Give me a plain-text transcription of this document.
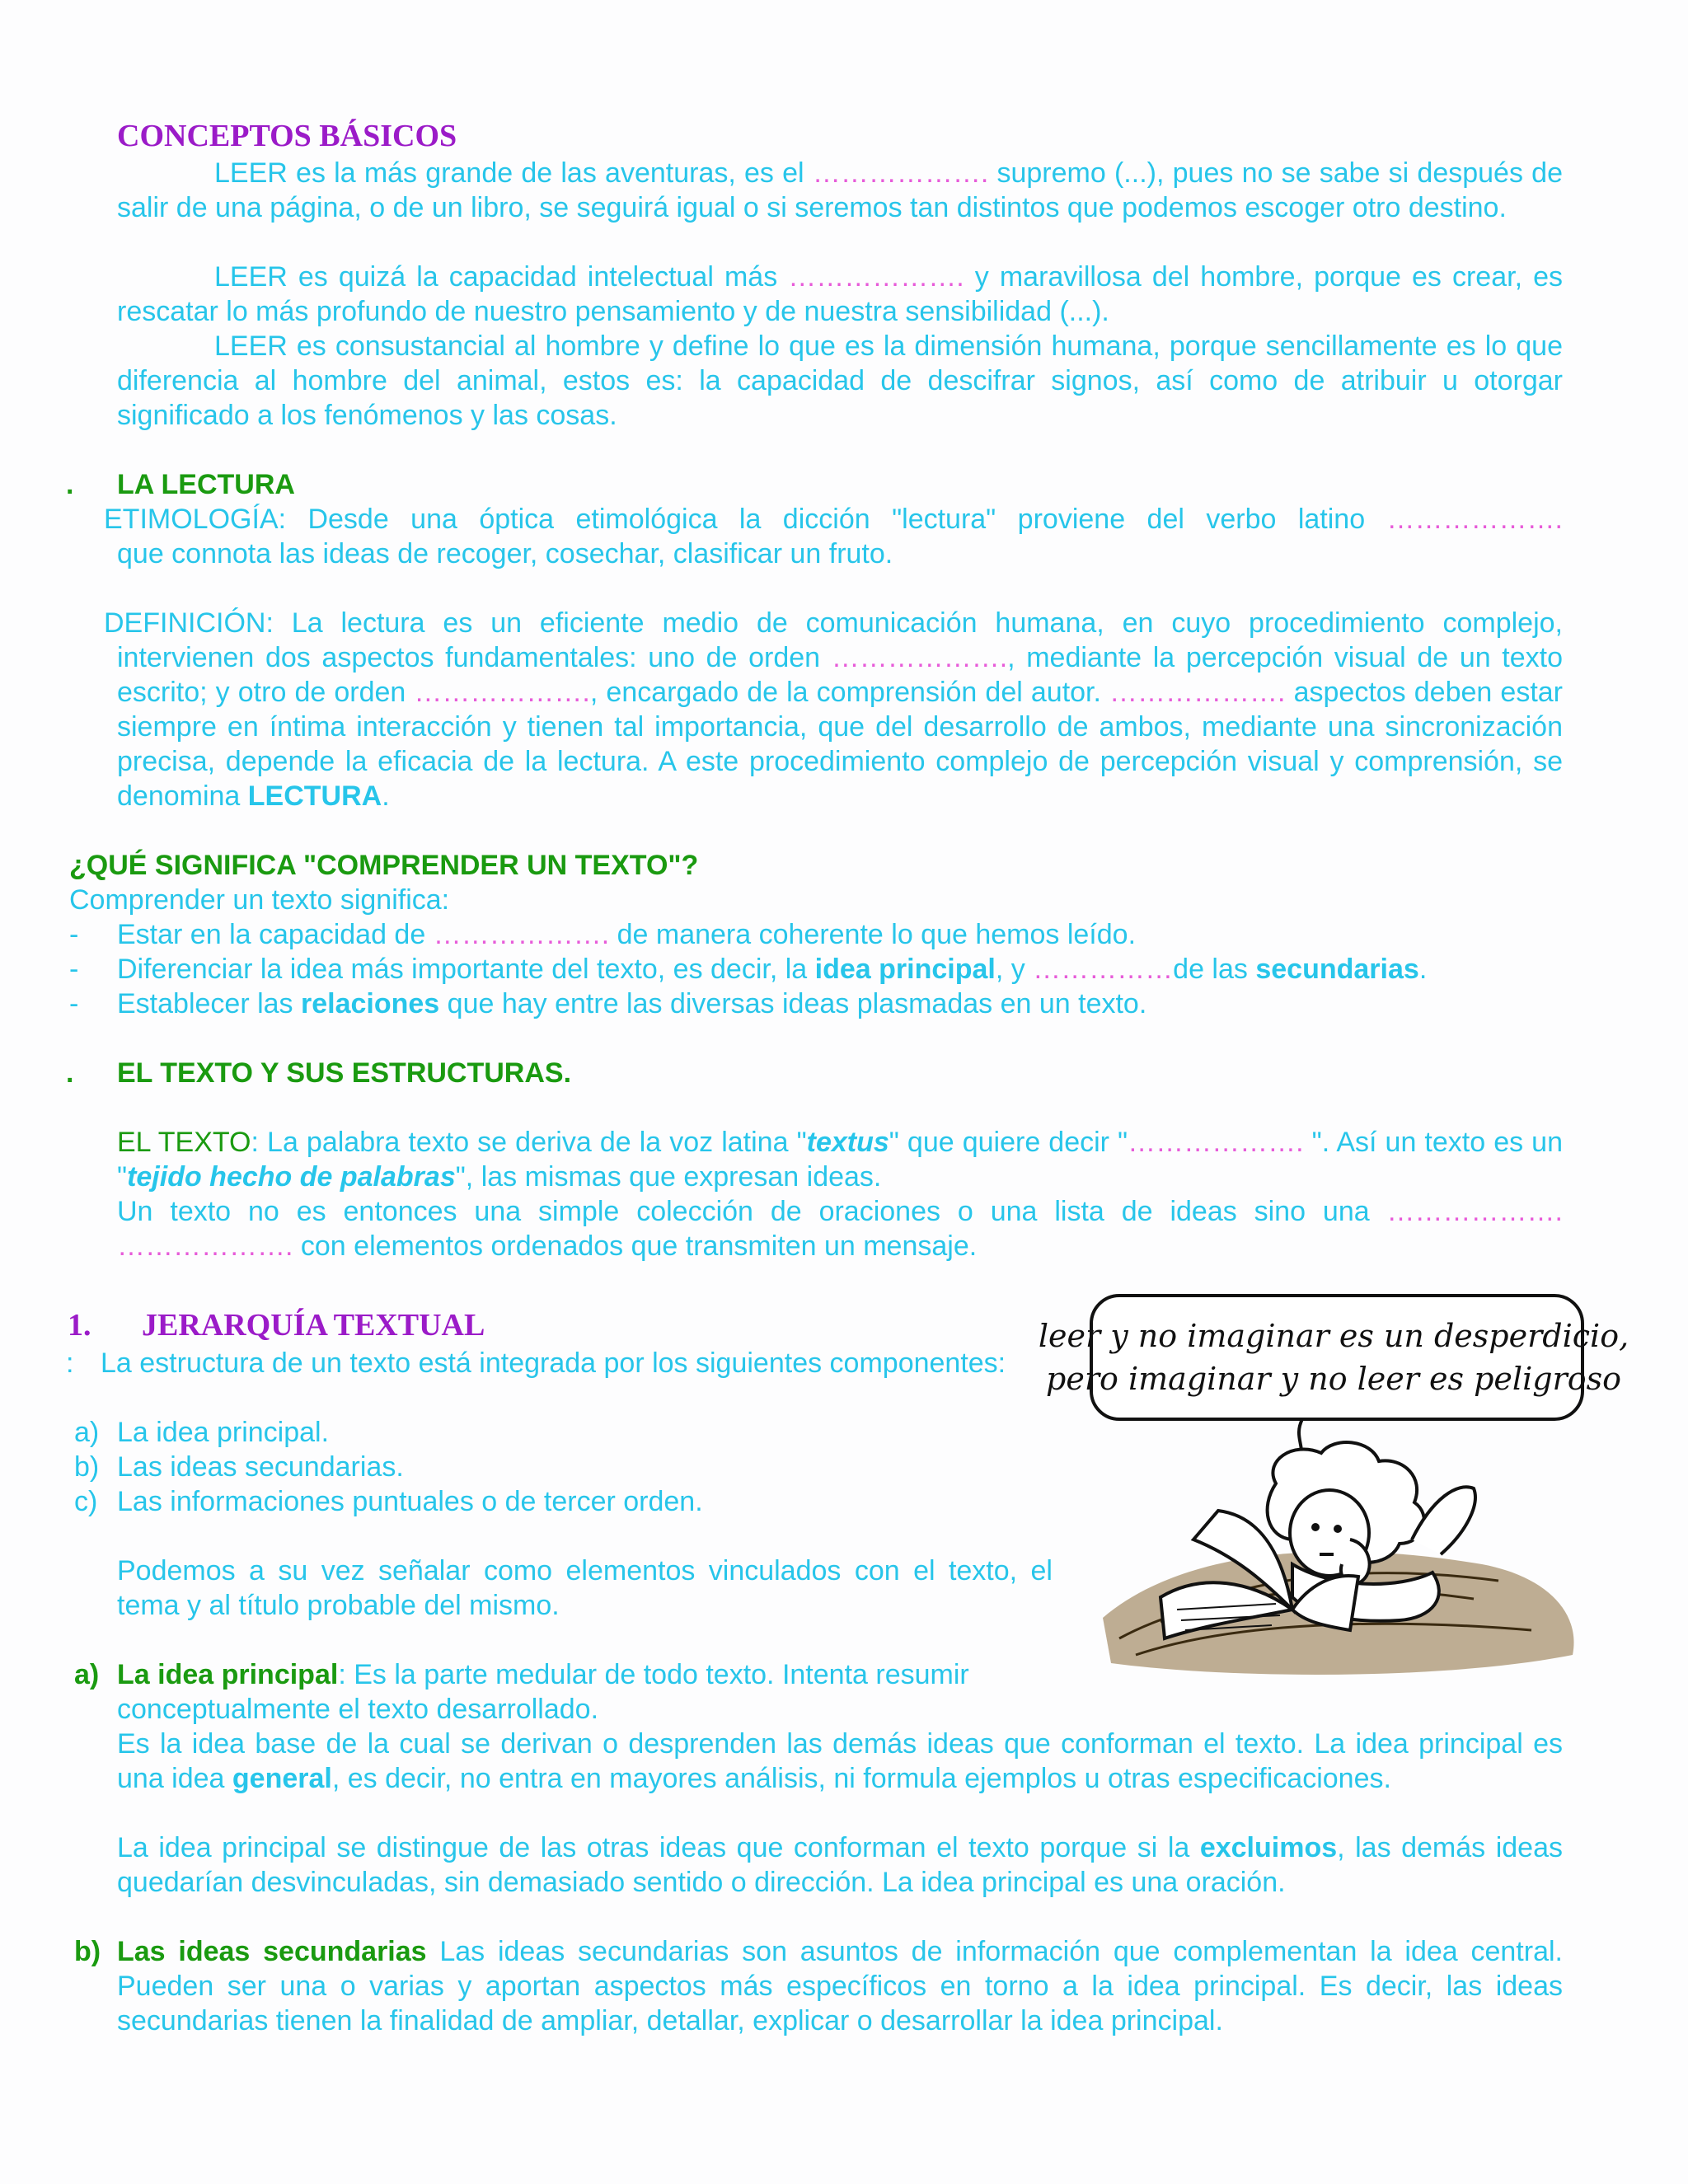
CONCEPTOS BÁSICOS

LEER es la más grande de las aventuras, es el ………………. supremo (...), pues no se sabe si después de salir de una página, o de un libro, se seguirá igual o si seremos tan distintos que podemos escoger otro destino.

LEER es quizá la capacidad intelectual más ………………. y maravillosa del hombre, porque es crear, es rescatar lo más profundo de nuestro pensamiento y de nuestra sensibilidad (...).

LEER es consustancial al hombre y define lo que es la dimensión humana, porque sencillamente es lo que diferencia al hombre del animal, estos es: la capacidad de descifrar signos, así como de atribuir u otorgar significado a los fenómenos y las cosas.

. LA LECTURA

ETIMOLOGÍA: Desde una óptica etimológica la dicción "lectura" proviene del verbo latino ……………….

que connota las ideas de recoger, cosechar, clasificar un fruto.

DEFINICIÓN: La lectura es un eficiente medio de comunicación humana, en cuyo procedimiento complejo,

intervienen dos aspectos fundamentales: uno de orden ………………., mediante la percepción visual de un texto escrito; y otro de orden ………………., encargado de la comprensión del autor. ………………. aspectos deben estar siempre en íntima interacción y tienen tal importancia, que del desarrollo de ambos, mediante una sincronización precisa, depende la eficacia de la lectura. A este procedimiento complejo de percepción visual y comprensión, se denomina LECTURA.

¿QUÉ SIGNIFICA "COMPRENDER UN TEXTO"?
Comprender un texto significa:
- Estar en la capacidad de ………………. de manera coherente lo que hemos leído.
- Diferenciar la idea más importante del texto, es decir, la idea principal, y ……………de las secundarias.
- Establecer las relaciones que hay entre las diversas ideas plasmadas en un texto.
. EL TEXTO Y SUS ESTRUCTURAS.

EL TEXTO: La palabra texto se deriva de la voz latina "textus" que quiere decir "………………. ". Así un texto es un "tejido hecho de palabras", las mismas que expresan ideas.

Un texto no es entonces una simple colección de oraciones o una lista de ideas sino una ………………. ………………. con elementos ordenados que transmiten un mensaje.

1. JERARQUÍA TEXTUAL
: La estructura de un texto está integrada por los siguientes componentes:

a) La idea principal.
b) Las ideas secundarias.
c) Las informaciones puntuales o de tercer orden.

Podemos a su vez señalar como elementos vinculados con el texto, el tema y al título probable del mismo.

a) La idea principal: Es la parte medular de todo texto. Intenta resumir conceptualmente el texto desarrollado.

Es la idea base de la cual se derivan o desprenden las demás ideas que conforman el texto. La idea principal es una idea general, es decir, no entra en mayores análisis, ni formula ejemplos u otras especificaciones.

La idea principal se distingue de las otras ideas que conforman el texto porque si la excluimos, las demás ideas quedarían desvinculadas, sin demasiado sentido o dirección. La idea principal es una oración.

b) Las ideas secundarias Las ideas secundarias son asuntos de información que complementan la idea central. Pueden ser una o varias y aportan aspectos más específicos en torno a la idea principal. Es decir, las ideas secundarias tienen la finalidad de ampliar, detallar, explicar o desarrollar la idea principal.

leer y no imaginar es un desperdicio,
pero imaginar y no leer es peligroso
